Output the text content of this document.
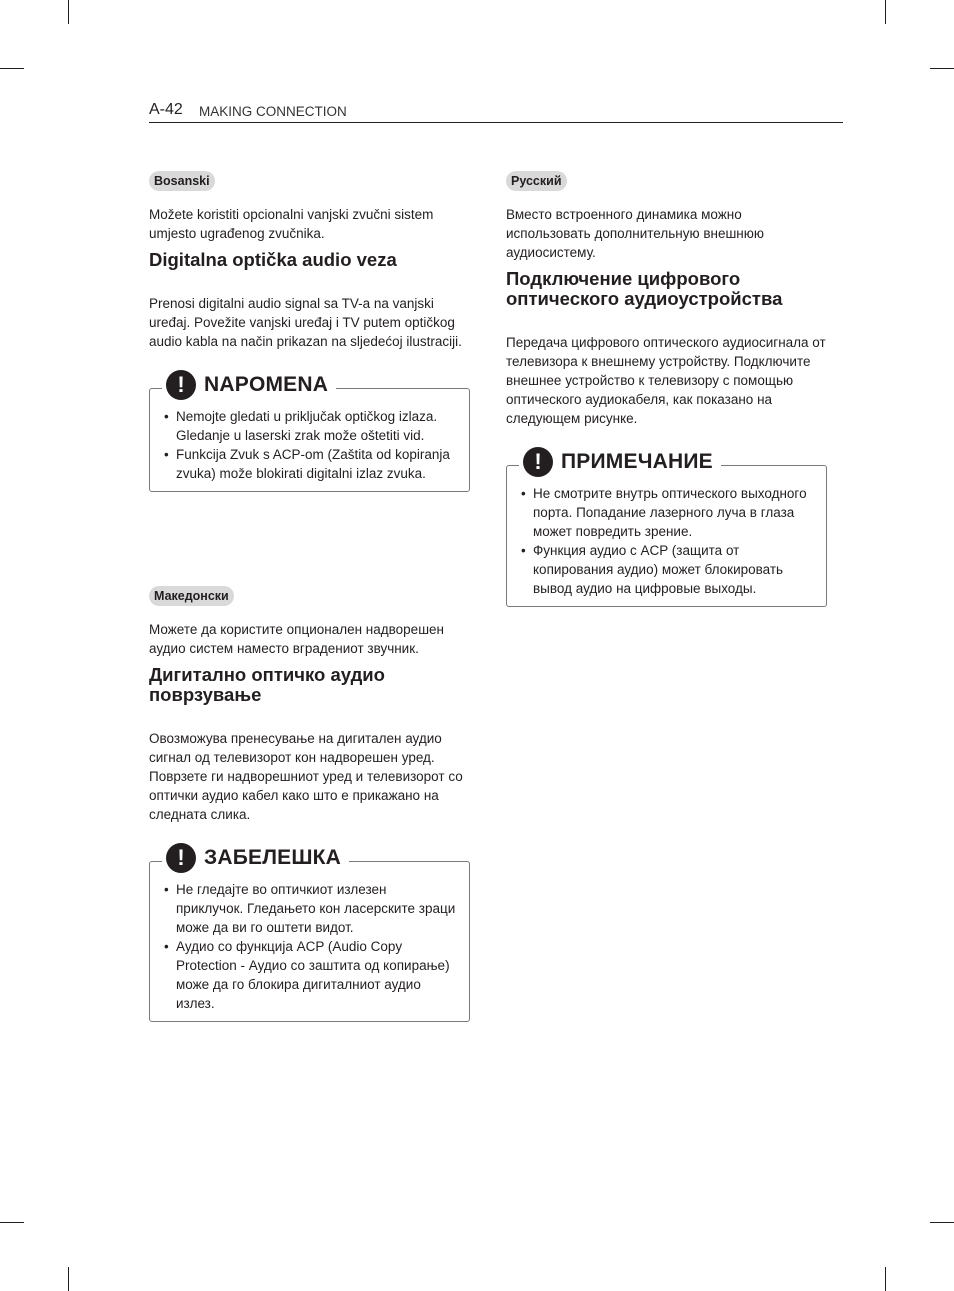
A-42 MAKING CONNECTION
Bosanski

Možete koristiti opcionalni vanjski zvučni sistem umjesto ugrađenog zvučnika.

Digitalna optička audio veza

Prenosi digitalni audio signal sa TV-a na vanjski uređaj. Povežite vanjski uređaj i TV putem optičkog audio kabla na način prikazan na sljedećoj ilustraciji.

! NAPOMENA
• Nemojte gledati u priključak optičkog izlaza. Gledanje u laserski zrak može oštetiti vid.
• Funkcija Zvuk s ACP-om (Zaštita od kopiranja zvuka) može blokirati digitalni izlaz zvuka.
Македонски

Можете да користите опционален надворешен аудио систем наместо вградениот звучник.

Дигитално оптичко аудио поврзување

Овозможува пренесување на дигитален аудио сигнал од телевизорот кон надворешен уред. Поврзете ги надворешниот уред и телевизорот со оптички аудио кабел како што е прикажано на следната слика.

! ЗАБЕЛЕШКА
• Не гледајте во оптичкиот излезен приклучок. Гледањето кон ласерските зраци може да ви го оштети видот.
• Аудио со функција ACP (Audio Copy Protection - Аудио со заштита од копирање) може да го блокира дигиталниот аудио излез.
Русский

Вместо встроенного динамика можно использовать дополнительную внешнюю аудиосистему.

Подключение цифрового оптического аудиоустройства

Передача цифрового оптического аудиосигнала от телевизора к внешнему устройству. Подключите внешнее устройство к телевизору с помощью оптического аудиокабеля, как показано на следующем рисунке.

! ПРИМЕЧАНИЕ
• Не смотрите внутрь оптического выходного порта. Попадание лазерного луча в глаза может повредить зрение.
• Функция аудио с ACP (защита от копирования аудио) может блокировать вывод аудио на цифровые выходы.
